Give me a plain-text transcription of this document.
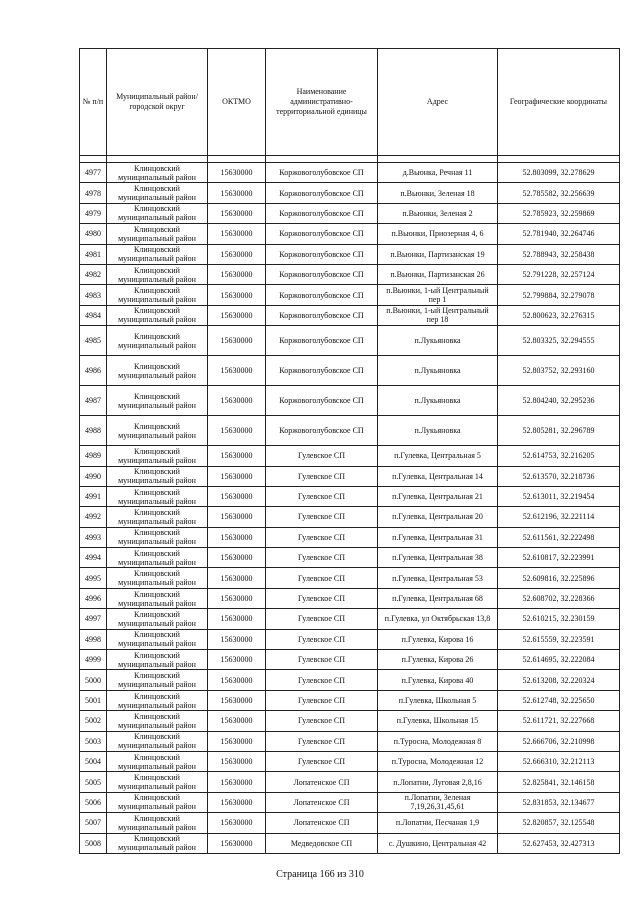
№ п/п	Муниципальный район/городской округ	ОКТМО	Наименование административно-территориальной единицы	Адрес	Географические координаты

4977	Клинцовский муниципальный район	15630000	Коржовоголубовское СП	д.Вьюнка, Речная 11	52.803099, 32.278629
4978	Клинцовский муниципальный район	15630000	Коржовоголубовское СП	п.Вьюнки, Зеленая 18	52.785582, 32.256639
4979	Клинцовский муниципальный район	15630000	Коржовоголубовское СП	п.Вьюнки, Зеленая 2	52.785923, 32.259869
4980	Клинцовский муниципальный район	15630000	Коржовоголубовское СП	п.Вьюнки, Приозерная 4, 6	52.781940, 32.264746
4981	Клинцовский муниципальный район	15630000	Коржовоголубовское СП	п.Вьюнки, Партизанская 19	52.788943, 32.258438
4982	Клинцовский муниципальный район	15630000	Коржовоголубовское СП	п.Вьюнки, Партизанская 26	52.791228, 32.257124
4983	Клинцовский муниципальный район	15630000	Коржовоголубовское СП	п.Вьюнки, 1-ый Центральный пер 1	52.799884, 32.279078
4984	Клинцовский муниципальный район	15630000	Коржовоголубовское СП	п.Вьюнки, 1-ый Центральный пер 18	52.800623, 32.276315
4985	Клинцовский муниципальный район	15630000	Коржовоголубовское СП	п.Лукьяновка	52.803325, 32.294555
4986	Клинцовский муниципальный район	15630000	Коржовоголубовское СП	п.Лукьяновка	52.803752, 32.293160
4987	Клинцовский муниципальный район	15630000	Коржовоголубовское СП	п.Лукьяновка	52.804240, 32.295236
4988	Клинцовский муниципальный район	15630000	Коржовоголубовское СП	п.Лукьяновка	52.805281, 32.296789
4989	Клинцовский муниципальный район	15630000	Гулевское СП	п.Гулевка, Центральная 5	52.614753, 32.216205
4990	Клинцовский муниципальный район	15630000	Гулевское СП	п.Гулевка, Центральная 14	52.613570, 32.218736
4991	Клинцовский муниципальный район	15630000	Гулевское СП	п.Гулевка, Центральная 21	52.613011, 32.219454
4992	Клинцовский муниципальный район	15630000	Гулевское СП	п.Гулевка, Центральная 20	52.612196, 32.221114
4993	Клинцовский муниципальный район	15630000	Гулевское СП	п.Гулевка, Центральная 31	52.611561, 32.222498
4994	Клинцовский муниципальный район	15630000	Гулевское СП	п.Гулевка, Центральная 38	52.610817, 32.223991
4995	Клинцовский муниципальный район	15630000	Гулевское СП	п.Гулевка, Центральная 53	52.609816, 32.225896
4996	Клинцовский муниципальный район	15630000	Гулевское СП	п.Гулевка, Центральная 68	52.608702, 32.228366
4997	Клинцовский муниципальный район	15630000	Гулевское СП	п.Гулевка, ул Октябрьская 13,8	52.610215, 32.230159
4998	Клинцовский муниципальный район	15630000	Гулевское СП	п.Гулевка, Кирова 16	52.615559, 32.223591
4999	Клинцовский муниципальный район	15630000	Гулевское СП	п.Гулевка, Кирова 26	52.614695, 32.222084
5000	Клинцовский муниципальный район	15630000	Гулевское СП	п.Гулевка, Кирова 40	52.613208, 32.220324
5001	Клинцовский муниципальный район	15630000	Гулевское СП	п.Гулевка, Школьная 5	52.612748, 32.225650
5002	Клинцовский муниципальный район	15630000	Гулевское СП	п.Гулевка, Школьная 15	52.611721, 32.227668
5003	Клинцовский муниципальный район	15630000	Гулевское СП	п.Туросна, Молодежная 8	52.666706, 32.210998
5004	Клинцовский муниципальный район	15630000	Гулевское СП	п.Туросна, Молодежная 12	52.666310, 32.212113
5005	Клинцовский муниципальный район	15630000	Лопатенское СП	п.Лопатни, Луговая 2,8,16	52.825841, 32.146158
5006	Клинцовский муниципальный район	15630000	Лопатенское СП	п.Лопатни, Зеленая 7,19,26,31,45,61	52.831853, 32.134677
5007	Клинцовский муниципальный район	15630000	Лопатенское СП	п.Лопатни, Песчаная 1,9	52.820857, 32.125548
5008	Клинцовский муниципальный район	15630000	Медведовское СП	с. Душкино, Центральная 42	52.627453, 32.427313
Страница 166 из 310
